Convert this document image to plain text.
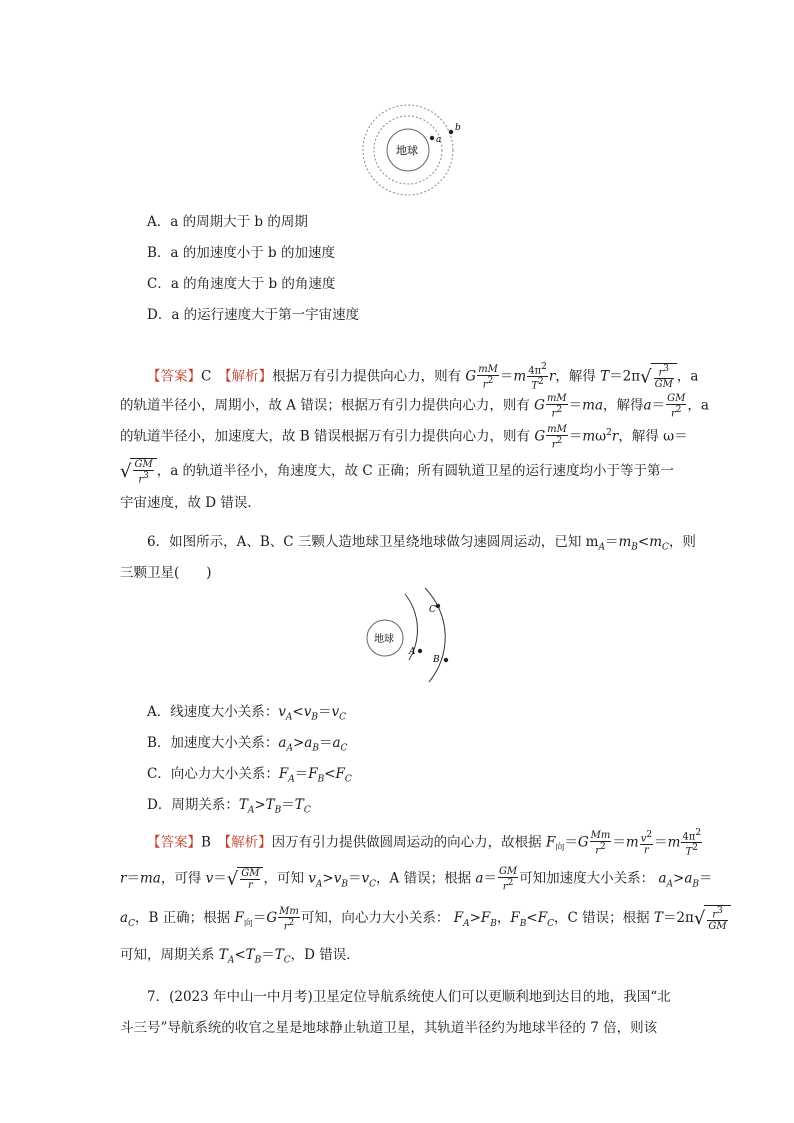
地球
a
b
A．a 的周期大于 b 的周期
B．a 的加速度小于 b 的加速度
C．a 的角速度大于 b 的角速度
D．a 的运行速度大于第一宇宙速度
【答案】C　 【解析】根据万有引力提供向心力，则有 G $\frac{mM}{r^2} =m \frac{4\pi^2}{T^2}$ r，解得 $T=2\pi√ \frac{r^3}{GM}$ ，a
的轨道半径小，周期小，故 A 错误；根据万有引力提供向心力，则有 G $\frac{mM}{r^2} =ma$，解得$a= \frac{GM}{r^2}$ ，a
的轨道半径小，加速度大，故 B 错误根据万有引力提供向心力，则有 G $\frac{mM}{r^2} =m\omega^2r$，解得 ω＝
√ $\frac{GM}{r^3}$ ，a 的轨道半径小，角速度大，故 C 正确；所有圆轨道卫星的运行速度均小于等于第一
宇宙速度，故 D 错误．
6．如图所示，A、B、C 三颗人造地球卫星绕地球做匀速圆周运动，已知 $m_A=m_B<m_C$，则
三颗卫星(　　)
地球
A
C
B
A．线速度大小关系：$v_A<v_B=v_C$
B．加速度大小关系：$a_A>a_B=a_C$
C．向心力大小关系：$F_A=F_B<F_C$
D．周期关系：$T_A>T_B=T_C$
【答案】B　 【解析】因万有引力提供做圆周运动的向心力，故根据 $F_向=G \frac{Mm}{r^2} =m \frac{v^2}{r} =m \frac{4\pi^2}{T^2}$
r＝ma，可得 $v=√ \frac{GM}{r}$ ，可知 $v_A>v_B=v_C$，A 错误；根据 $a= \frac{GM}{r^2}$ 可知加速度大小关系： $a_A>a_B=$
$a_C$，B 正确；根据 $F_向=G \frac{Mm}{r^2}$ 可知，向心力大小关系： $F_A>F_B$，$F_B<F_C$，C 错误；根据 $T=2\pi√ \frac{r^3}{GM}$
可知，周期关系 $T_A<T_B=T_C$，D 错误．
7．(2023 年中山一中月考)卫星定位导航系统使人们可以更顺利地到达目的地，我国“北
斗三号”导航系统的收官之星是地球静止轨道卫星，其轨道半径约为地球半径的 7 倍，则该
